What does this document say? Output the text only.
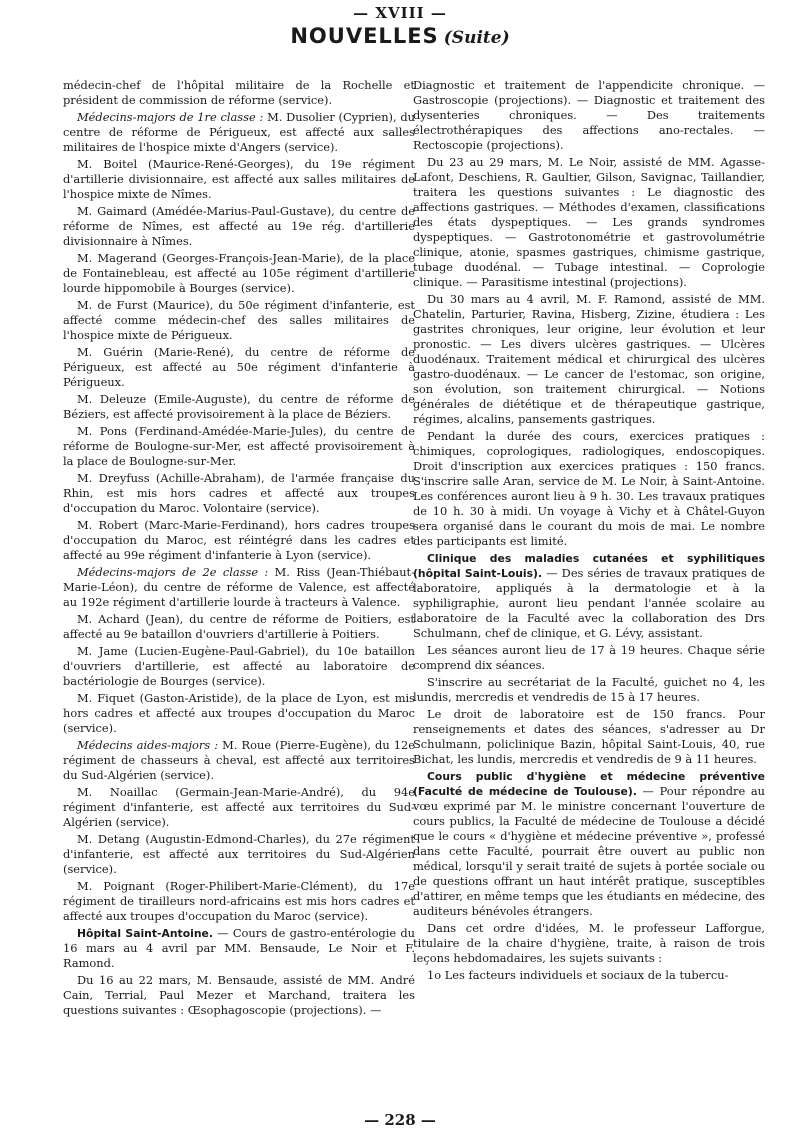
— XVIII —
NOUVELLES (Suite)

médecin-chef de l'hôpital militaire de la Rochelle et président de commission de réforme (service).

Médecins-majors de 1re classe : M. Dusolier (Cyprien), du centre de réforme de Périgueux, est affecté aux salles militaires de l'hospice mixte d'Angers (service).

M. Boitel (Maurice-René-Georges), du 19e régiment d'artillerie divisionnaire, est affecté aux salles militaires de l'hospice mixte de Nîmes.

M. Gaimard (Amédée-Marius-Paul-Gustave), du centre de réforme de Nîmes, est affecté au 19e rég. d'artillerie divisionnaire à Nîmes.

M. Magerand (Georges-François-Jean-Marie), de la place de Fontainebleau, est affecté au 105e régiment d'artillerie lourde hippomobile à Bourges (service).

M. de Furst (Maurice), du 50e régiment d'infanterie, est affecté comme médecin-chef des salles militaires de l'hospice mixte de Périgueux.

M. Guérin (Marie-René), du centre de réforme de Périgueux, est affecté au 50e régiment d'infanterie à Périgueux.

M. Deleuze (Emile-Auguste), du centre de réforme de Béziers, est affecté provisoirement à la place de Béziers.

M. Pons (Ferdinand-Amédée-Marie-Jules), du centre de réforme de Boulogne-sur-Mer, est affecté provisoirement à la place de Boulogne-sur-Mer.

M. Dreyfuss (Achille-Abraham), de l'armée française du Rhin, est mis hors cadres et affecté aux troupes d'occupation du Maroc. Volontaire (service).

M. Robert (Marc-Marie-Ferdinand), hors cadres troupes d'occupation du Maroc, est réintégré dans les cadres et affecté au 99e régiment d'infanterie à Lyon (service).

Médecins-majors de 2e classe : M. Riss (Jean-Thiébaut-Marie-Léon), du centre de réforme de Valence, est affecté au 192e régiment d'artillerie lourde à tracteurs à Valence.

M. Achard (Jean), du centre de réforme de Poitiers, est affecté au 9e bataillon d'ouvriers d'artillerie à Poitiers.

M. Jame (Lucien-Eugène-Paul-Gabriel), du 10e bataillon d'ouvriers d'artillerie, est affecté au laboratoire de bactériologie de Bourges (service).

M. Fiquet (Gaston-Aristide), de la place de Lyon, est mis hors cadres et affecté aux troupes d'occupation du Maroc (service).

Médecins aides-majors : M. Roue (Pierre-Eugène), du 12e régiment de chasseurs à cheval, est affecté aux territoires du Sud-Algérien (service).

M. Noaillac (Germain-Jean-Marie-André), du 94e régiment d'infanterie, est affecté aux territoires du Sud-Algérien (service).

M. Detang (Augustin-Edmond-Charles), du 27e régiment d'infanterie, est affecté aux territoires du Sud-Algérien (service).

M. Poignant (Roger-Philibert-Marie-Clément), du 17e régiment de tirailleurs nord-africains est mis hors cadres et affecté aux troupes d'occupation du Maroc (service).

Hôpital Saint-Antoine. — Cours de gastro-entérologie du 16 mars au 4 avril par MM. Bensaude, Le Noir et F. Ramond.

Du 16 au 22 mars, M. Bensaude, assisté de MM. André Cain, Terrial, Paul Mezer et Marchand, traitera les questions suivantes : Œsophagoscopie (projections). —

Diagnostic et traitement de l'appendicite chronique. — Gastroscopie (projections). — Diagnostic et traitement des dysenteries chroniques. — Des traitements électrothérapiques des affections ano-rectales. — Rectoscopie (projections).

Du 23 au 29 mars, M. Le Noir, assisté de MM. Agasse-Lafont, Deschiens, R. Gaultier, Gilson, Savignac, Taillandier, traitera les questions suivantes : Le diagnostic des affections gastriques. — Méthodes d'examen, classifications des états dyspeptiques. — Les grands syndromes dyspeptiques. — Gastrotonométrie et gastrovolumétrie clinique, atonie, spasmes gastriques, chimisme gastrique, tubage duodénal. — Tubage intestinal. — Coprologie clinique. — Parasitisme intestinal (projections).

Du 30 mars au 4 avril, M. F. Ramond, assisté de MM. Chatelin, Parturier, Ravina, Hisberg, Zizine, étudiera : Les gastrites chroniques, leur origine, leur évolution et leur pronostic. — Les divers ulcères gastriques. — Ulcères duodénaux. Traitement médical et chirurgical des ulcères gastro-duodénaux. — Le cancer de l'estomac, son origine, son évolution, son traitement chirurgical. — Notions générales de diététique et de thérapeutique gastrique, régimes, alcalins, pansements gastriques.

Pendant la durée des cours, exercices pratiques : chimiques, coprologiques, radiologiques, endoscopiques. Droit d'inscription aux exercices pratiques : 150 francs. S'inscrire salle Aran, service de M. Le Noir, à Saint-Antoine. Les conférences auront lieu à 9 h. 30. Les travaux pratiques de 10 h. 30 à midi. Un voyage à Vichy et à Châtel-Guyon sera organisé dans le courant du mois de mai. Le nombre des participants est limité.

Clinique des maladies cutanées et syphilitiques (hôpital Saint-Louis). — Des séries de travaux pratiques de laboratoire, appliqués à la dermatologie et à la syphiligraphie, auront lieu pendant l'année scolaire au laboratoire de la Faculté avec la collaboration des Drs Schulmann, chef de clinique, et G. Lévy, assistant.

Les séances auront lieu de 17 à 19 heures. Chaque série comprend dix séances.

S'inscrire au secrétariat de la Faculté, guichet no 4, les lundis, mercredis et vendredis de 15 à 17 heures.

Le droit de laboratoire est de 150 francs. Pour renseignements et dates des séances, s'adresser au Dr Schulmann, policlinique Bazin, hôpital Saint-Louis, 40, rue Bichat, les lundis, mercredis et vendredis de 9 à 11 heures.

Cours public d'hygiène et médecine préventive (Faculté de médecine de Toulouse). — Pour répondre au vœu exprimé par M. le ministre concernant l'ouverture de cours publics, la Faculté de médecine de Toulouse a décidé que le cours « d'hygiène et médecine préventive », professé dans cette Faculté, pourrait être ouvert au public non médical, lorsqu'il y serait traité de sujets à portée sociale ou de questions offrant un haut intérêt pratique, susceptibles d'attirer, en même temps que les étudiants en médecine, des auditeurs bénévoles étrangers.

Dans cet ordre d'idées, M. le professeur Lafforgue, titulaire de la chaire d'hygiène, traite, à raison de trois leçons hebdomadaires, les sujets suivants :

1o Les facteurs individuels et sociaux de la tubercu-

— 228 —
